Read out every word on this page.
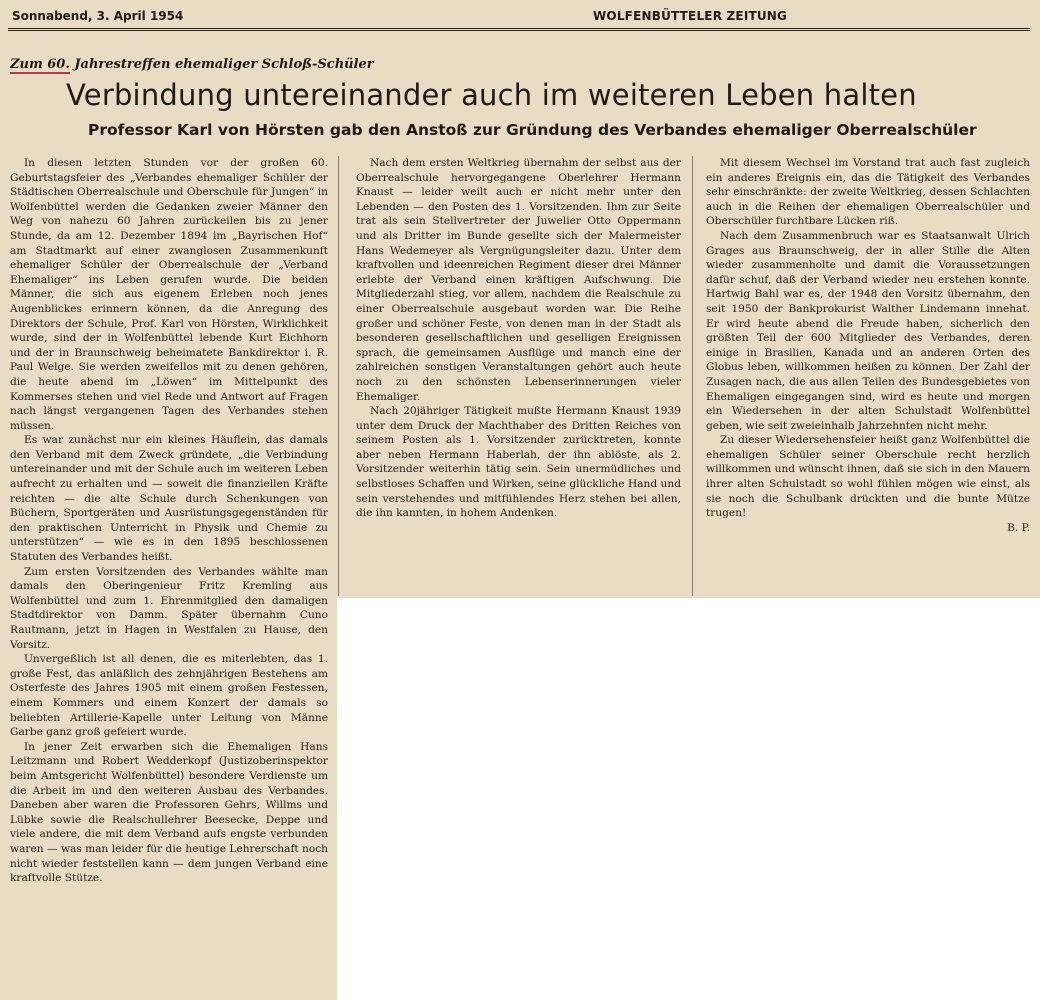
Sonnabend, 3. April 1954	WOLFENBÜTTELER ZEITUNG
Zum 60. Jahrestreffen ehemaliger Schloß-Schüler
Verbindung untereinander auch im weiteren Leben halten
Professor Karl von Hörsten gab den Anstoß zur Gründung des Verbandes ehemaliger Oberrealschüler

In diesen letzten Stunden vor der großen 60. Geburtstagsfeier des „Verbandes ehemaliger Schüler der Städtischen Oberrealschule und Oberschule für Jungen“ in Wolfenbüttel werden die Gedanken zweier Männer den Weg von nahezu 60 Jahren zurückeilen bis zu jener Stunde, da am 12. Dezember 1894 im „Bayrischen Hof“ am Stadtmarkt auf einer zwanglosen Zusammenkunft ehemaliger Schüler der Oberrealschule der „Verband Ehemaliger“ ins Leben gerufen wurde. Die beiden Männer, die sich aus eigenem Erleben noch jenes Augenblickes erinnern können, da die Anregung des Direktors der Schule, Prof. Karl von Hörsten, Wirklichkeit wurde, sind der in Wolfenbüttel lebende Kurt Eichhorn und der in Braunschweig beheimatete Bankdirektor i. R. Paul Welge. Sie werden zweifellos mit zu denen gehören, die heute abend im „Löwen“ im Mittelpunkt des Kommerses stehen und viel Rede und Antwort auf Fragen nach längst vergangenen Tagen des Verbandes stehen müssen.

Es war zunächst nur ein kleines Häuflein, das damals den Verband mit dem Zweck gründete, „die Verbindung untereinander und mit der Schule auch im weiteren Leben aufrecht zu erhalten und — soweit die finanziellen Kräfte reichten — die alte Schule durch Schenkungen von Büchern, Sportgeräten und Ausrüstungsgegenständen für den praktischen Unterricht in Physik und Chemie zu unterstützen“ — wie es in den 1895 beschlossenen Statuten des Verbandes heißt.

Zum ersten Vorsitzenden des Verbandes wählte man damals den Oberingenieur Fritz Kremling aus Wolfenbüttel und zum 1. Ehrenmitglied den damaligen Stadtdirektor von Damm. Später übernahm Cuno Rautmann, jetzt in Hagen in Westfalen zu Hause, den Vorsitz.

Unvergeßlich ist all denen, die es miterlebten, das 1. große Fest, das anläßlich des zehnjährigen Bestehens am Osterfeste des Jahres 1905 mit einem großen Festessen, einem Kommers und einem Konzert der damals so beliebten Artillerie-Kapelle unter Leitung von Männe Garbe ganz groß gefeiert wurde.

In jener Zeit erwarben sich die Ehemaligen Hans Leitzmann und Robert Wedderkopf (Justizoberinspektor beim Amtsgericht Wolfenbüttel) besondere Verdienste um die Arbeit im und den weiteren Ausbau des Verbandes. Daneben aber waren die Professoren Gehrs, Willms und Lübke sowie die Realschullehrer Beesecke, Deppe und viele andere, die mit dem Verband aufs engste verbunden waren — was man leider für die heutige Lehrerschaft noch nicht wieder feststellen kann — dem jungen Verband eine kraftvolle Stütze.

Nach dem ersten Weltkrieg übernahm der selbst aus der Oberrealschule hervorgegangene Oberlehrer Hermann Knaust — leider weilt auch er nicht mehr unter den Lebenden — den Posten des 1. Vorsitzenden. Ihm zur Seite trat als sein Stellvertreter der Juwelier Otto Oppermann und als Dritter im Bunde gesellte sich der Malermeister Hans Wedemeyer als Vergnügungsleiter dazu. Unter dem kraftvollen und ideenreichen Regiment dieser drei Männer erlebte der Verband einen kräftigen Aufschwung. Die Mitgliederzahl stieg, vor allem, nachdem die Realschule zu einer Oberrealschule ausgebaut worden war. Die Reihe großer und schöner Feste, von denen man in der Stadt als besonderen gesellschaftlichen und geselligen Ereignissen sprach, die gemeinsamen Ausflüge und manch eine der zahlreichen sonstigen Veranstaltungen gehört auch heute noch zu den schönsten Lebenserinnerungen vieler Ehemaliger.

Nach 20jähriger Tätigkeit mußte Hermann Knaust 1939 unter dem Druck der Machthaber des Dritten Reiches von seinem Posten als 1. Vorsitzender zurücktreten, konnte aber neben Hermann Haberlah, der ihn ablöste, als 2. Vorsitzender weiterhin tätig sein. Sein unermüdliches und selbstloses Schaffen und Wirken, seine glückliche Hand und sein verstehendes und mitfühlendes Herz stehen bei allen, die ihn kannten, in hohem Andenken.

Mit diesem Wechsel im Vorstand trat auch fast zugleich ein anderes Ereignis ein, das die Tätigkeit des Verbandes sehr einschränkte: der zweite Weltkrieg, dessen Schlachten auch in die Reihen der ehemaligen Oberrealschüler und Oberschüler furchtbare Lücken riß.

Nach dem Zusammenbruch war es Staatsanwalt Ulrich Grages aus Braunschweig, der in aller Stille die Alten wieder zusammenholte und damit die Voraussetzungen dafür schuf, daß der Verband wieder neu erstehen konnte. Hartwig Bahl war es, der 1948 den Vorsitz übernahm, den seit 1950 der Bankprokurist Walther Lindemann innehat. Er wird heute abend die Freude haben, sicherlich den größten Teil der 600 Mitglieder des Verbandes, deren einige in Brasilien, Kanada und an anderen Orten des Globus leben, willkommen heißen zu können. Der Zahl der Zusagen nach, die aus allen Teilen des Bundesgebietes von Ehemaligen eingegangen sind, wird es heute und morgen ein Wiedersehen in der alten Schulstadt Wolfenbüttel geben, wie seit zweieinhalb Jahrzehnten nicht mehr.

Zu dieser Wiedersehensfeier heißt ganz Wolfenbüttel die ehemaligen Schüler seiner Oberschule recht herzlich willkommen und wünscht ihnen, daß sie sich in den Mauern ihrer alten Schulstadt so wohl fühlen mögen wie einst, als sie noch die Schulbank drückten und die bunte Mütze trugen!

B. P.
